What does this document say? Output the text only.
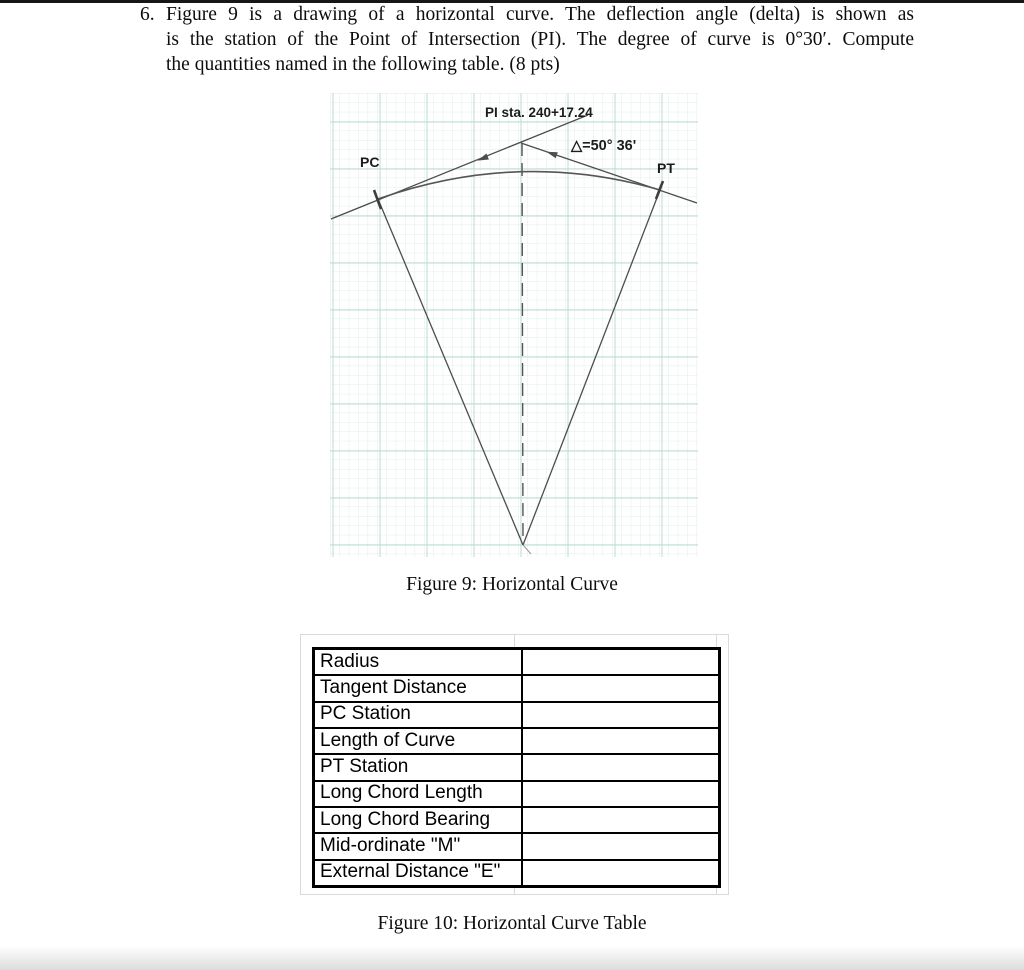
6. Figure 9 is a drawing of a horizontal curve. The deflection angle (delta) is shown as
is the station of the Point of Intersection (PI). The degree of curve is 0°30′. Compute
the quantities named in the following table. (8 pts)
PI sta. 240+17.24
△=50° 36'
PC	PT
Figure 9: Horizontal Curve
Radius	
Tangent Distance	
PC Station	
Length of Curve	
PT Station	
Long Chord Length	
Long Chord Bearing	
Mid-ordinate "M"	
External Distance "E"	
Figure 10: Horizontal Curve Table
